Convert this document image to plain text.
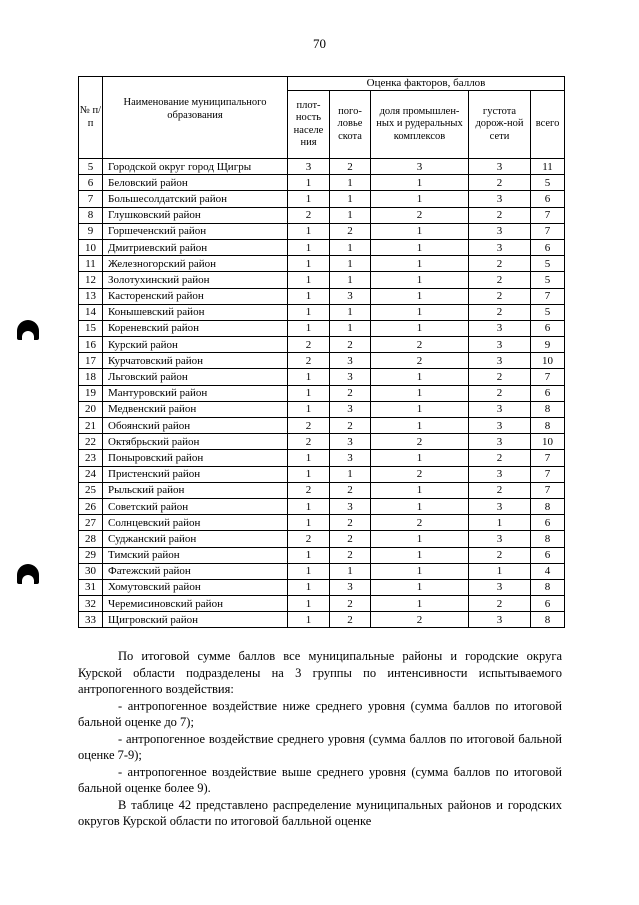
70
№ п/п	Наименование муниципального образования	Оценка факторов, баллов				
		плот-ность населе ния	пого-ловье скота	доля промышлен-ных и рудеральных комплексов	густота дорож-ной сети	всего
5	Городской округ город Щигры	3	2	3	3	11
6	Беловский район	1	1	1	2	5
7	Большесолдатский район	1	1	1	3	6
8	Глушковский район	2	1	2	2	7
9	Горшеченский район	1	2	1	3	7
10	Дмитриевский район	1	1	1	3	6
11	Железногорский район	1	1	1	2	5
12	Золотухинский район	1	1	1	2	5
13	Касторенский район	1	3	1	2	7
14	Конышевский район	1	1	1	2	5
15	Кореневский район	1	1	1	3	6
16	Курский район	2	2	2	3	9
17	Курчатовский район	2	3	2	3	10
18	Льговский район	1	3	1	2	7
19	Мантуровский район	1	2	1	2	6
20	Медвенский район	1	3	1	3	8
21	Обоянский район	2	2	1	3	8
22	Октябрьский район	2	3	2	3	10
23	Поныровский район	1	3	1	2	7
24	Пристенский район	1	1	2	3	7
25	Рыльский район	2	2	1	2	7
26	Советский район	1	3	1	3	8
27	Солнцевский район	1	2	2	1	6
28	Суджанский район	2	2	1	3	8
29	Тимский район	1	2	1	2	6
30	Фатежский район	1	1	1	1	4
31	Хомутовский район	1	3	1	3	8
32	Черемисиновский район	1	2	1	2	6
33	Щигровский район	1	2	2	3	8

По итоговой сумме баллов все муниципальные районы и городские округа Курской области подразделены на 3 группы по интенсивности испытываемого антропогенного воздействия:

- антропогенное воздействие ниже среднего уровня (сумма баллов по итоговой бальной оценке до 7);

- антропогенное воздействие среднего уровня (сумма баллов по итоговой бальной оценке 7-9);

- антропогенное воздействие выше среднего уровня (сумма баллов по итоговой бальной оценке более 9).

В таблице 42 представлено распределение муниципальных районов и городских округов Курской области по итоговой балльной оценке
